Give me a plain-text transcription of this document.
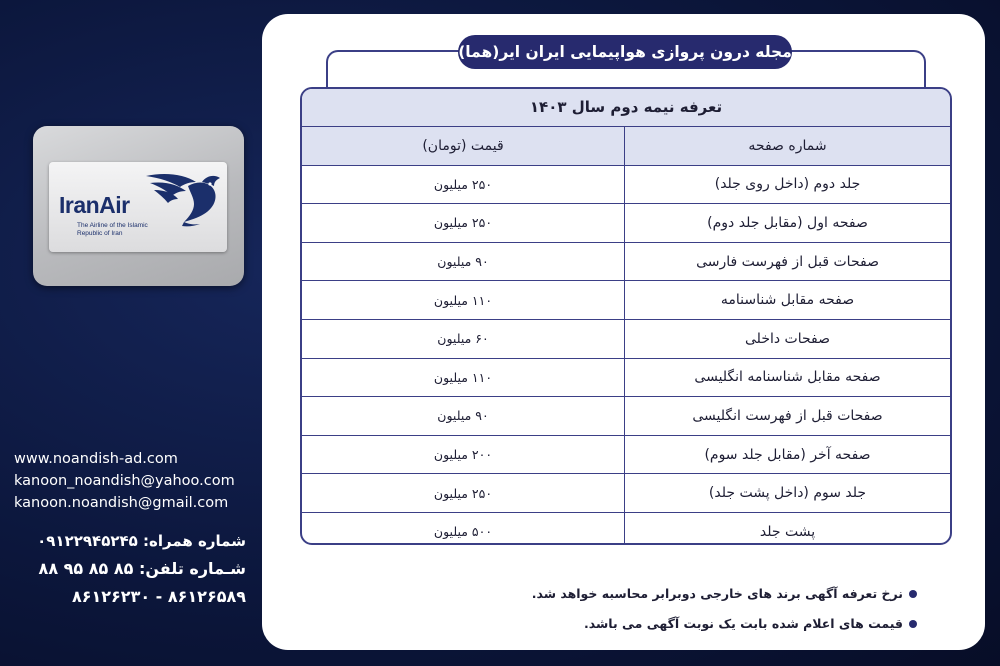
IranAir
The Airline of the Islamic Republic of Iran
www.noandish-ad.com
kanoon_noandish@yahoo.com
kanoon.noandish@gmail.com
شماره همراه: ۰۹۱۲۲۹۴۵۲۴۵
شـماره تلفن: ۸۵ ۸۵ ۹۵ ۸۸
۸۶۱۲۶۵۸۹ - ۸۶۱۲۶۲۳۰
مجله درون پروازی هواپیمایی ایران ایر(هما)
تعرفه نیمه دوم سال ۱۴۰۳
قیمت (تومان)	شماره صفحه
۲۵۰ میلیون	جلد دوم (داخل روی جلد)
۲۵۰ میلیون	صفحه اول (مقابل جلد دوم)
۹۰ میلیون	صفحات قبل از فهرست فارسی
۱۱۰ میلیون	صفحه مقابل شناسنامه
۶۰ میلیون	صفحات داخلی
۱۱۰ میلیون	صفحه مقابل شناسنامه انگلیسی
۹۰ میلیون	صفحات قبل از فهرست انگلیسی
۲۰۰ میلیون	صفحه آخر (مقابل جلد سوم)
۲۵۰ میلیون	جلد سوم (داخل پشت جلد)
۵۰۰ میلیون	پشت جلد
نرخ تعرفه آگهی برند های خارجی دوبرابر محاسبه خواهد شد.
قیمت های اعلام شده بابت یک نوبت آگهی می باشد.
